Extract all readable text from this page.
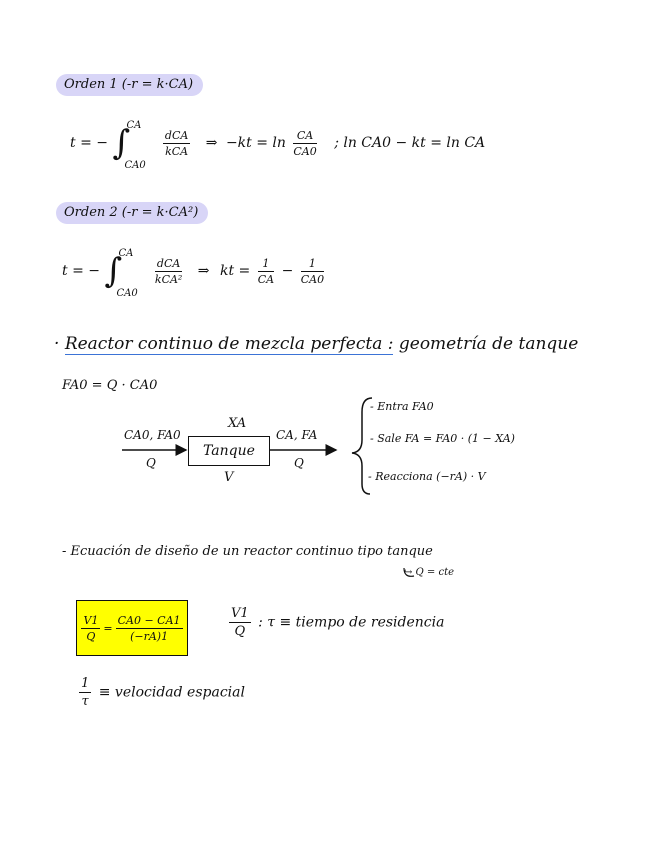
Orden 1 (-r = k·CA)
t = − ∫
CA
CA0

$\frac{\text{dCA}}{\text{kCA}}$ ⇒ $-kt = \ln \frac{CA}{CA0}$ ; ln CA0 − kt = ln CA
Orden 2 (-r = k·CA²)
t = − ∫
CA
CA0

$\frac{\text{dCA}}{\text{kCA²}}$ ⇒ kt = $\frac{1}{CA} - \frac{1}{CA0}$
· Reactor continuo de mezcla perfecta : geometría de tanque
FA0 = Q · CA0
CA0, FA0
Q
XA
Tanque
V
CA, FA
Q
- Entra FA0
- Sale FA = FA0 · (1 − XA)
- Reacciona (−rA) · V
- Ecuación de diseño de un reactor continuo tipo tanque
↪ Q = cte
$\frac{V1}{Q} = \frac{CA0 - CA1}{(-rA)1}$	$\frac{V1}{Q}$ : τ ≡ tiempo de residencia
$\frac{1}{\tau}$ ≡ velocidad espacial
